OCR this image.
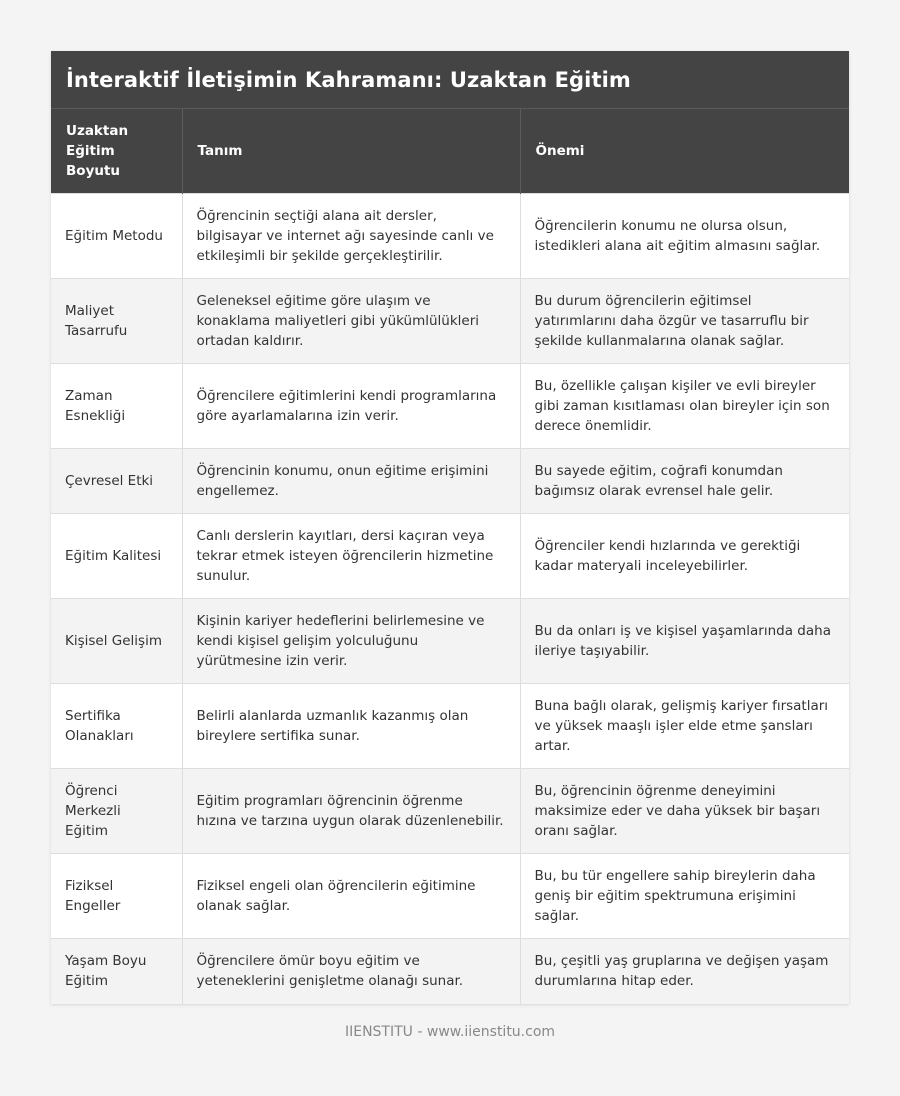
İnteraktif İletişimin Kahramanı: Uzaktan Eğitim
Uzaktan Eğitim Boyutu	Tanım	Önemi
Eğitim Metodu	Öğrencinin seçtiği alana ait dersler, bilgisayar ve internet ağı sayesinde canlı ve etkileşimli bir şekilde gerçekleştirilir.	Öğrencilerin konumu ne olursa olsun, istedikleri alana ait eğitim almasını sağlar.
Maliyet Tasarrufu	Geleneksel eğitime göre ulaşım ve konaklama maliyetleri gibi yükümlülükleri ortadan kaldırır.	Bu durum öğrencilerin eğitimsel yatırımlarını daha özgür ve tasarruflu bir şekilde kullanmalarına olanak sağlar.
Zaman Esnekliği	Öğrencilere eğitimlerini kendi programlarına göre ayarlamalarına izin verir.	Bu, özellikle çalışan kişiler ve evli bireyler gibi zaman kısıtlaması olan bireyler için son derece önemlidir.
Çevresel Etki	Öğrencinin konumu, onun eğitime erişimini engellemez.	Bu sayede eğitim, coğrafi konumdan bağımsız olarak evrensel hale gelir.
Eğitim Kalitesi	Canlı derslerin kayıtları, dersi kaçıran veya tekrar etmek isteyen öğrencilerin hizmetine sunulur.	Öğrenciler kendi hızlarında ve gerektiği kadar materyali inceleyebilirler.
Kişisel Gelişim	Kişinin kariyer hedeflerini belirlemesine ve kendi kişisel gelişim yolculuğunu yürütmesine izin verir.	Bu da onları iş ve kişisel yaşamlarında daha ileriye taşıyabilir.
Sertifika Olanakları	Belirli alanlarda uzmanlık kazanmış olan bireylere sertifika sunar.	Buna bağlı olarak, gelişmiş kariyer fırsatları ve yüksek maaşlı işler elde etme şansları artar.
Öğrenci Merkezli Eğitim	Eğitim programları öğrencinin öğrenme hızına ve tarzına uygun olarak düzenlenebilir.	Bu, öğrencinin öğrenme deneyimini maksimize eder ve daha yüksek bir başarı oranı sağlar.
Fiziksel Engeller	Fiziksel engeli olan öğrencilerin eğitimine olanak sağlar.	Bu, bu tür engellere sahip bireylerin daha geniş bir eğitim spektrumuna erişimini sağlar.
Yaşam Boyu Eğitim	Öğrencilere ömür boyu eğitim ve yeteneklerini genişletme olanağı sunar.	Bu, çeşitli yaş gruplarına ve değişen yaşam durumlarına hitap eder.
IIENSTITU - www.iienstitu.com
